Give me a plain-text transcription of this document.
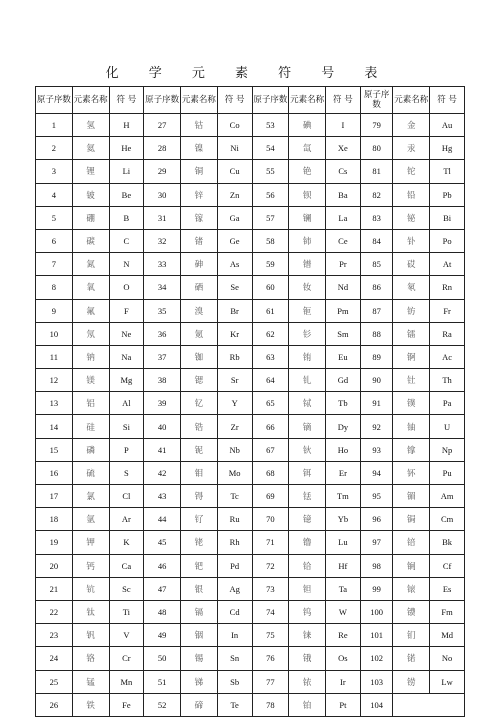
化 学 元 素 符 号 表
原子序数	元素名称	符 号	原子序数	元素名称	符 号	原子序数	元素名称	符 号	原子序数	元素名称	符 号
1	氢	H	27	钴	Co	53	碘	I	79	金	Au
2	氦	He	28	镍	Ni	54	氙	Xe	80	汞	Hg
3	锂	Li	29	铜	Cu	55	铯	Cs	81	铊	Tl
4	铍	Be	30	锌	Zn	56	钡	Ba	82	铅	Pb
5	硼	B	31	镓	Ga	57	镧	La	83	铋	Bi
6	碳	C	32	锗	Ge	58	铈	Ce	84	钋	Po
7	氮	N	33	砷	As	59	镨	Pr	85	砹	At
8	氧	O	34	硒	Se	60	钕	Nd	86	氡	Rn
9	氟	F	35	溴	Br	61	钷	Pm	87	钫	Fr
10	氖	Ne	36	氪	Kr	62	钐	Sm	88	镭	Ra
11	钠	Na	37	铷	Rb	63	铕	Eu	89	锕	Ac
12	镁	Mg	38	锶	Sr	64	钆	Gd	90	钍	Th
13	铝	Al	39	钇	Y	65	铽	Tb	91	镤	Pa
14	硅	Si	40	锆	Zr	66	镝	Dy	92	铀	U
15	磷	P	41	铌	Nb	67	钬	Ho	93	镎	Np
16	硫	S	42	钼	Mo	68	铒	Er	94	钚	Pu
17	氯	Cl	43	锝	Tc	69	铥	Tm	95	镅	Am
18	氩	Ar	44	钌	Ru	70	镱	Yb	96	锔	Cm
19	钾	K	45	铑	Rh	71	镥	Lu	97	锫	Bk
20	钙	Ca	46	钯	Pd	72	铪	Hf	98	锎	Cf
21	钪	Sc	47	银	Ag	73	钽	Ta	99	锿	Es
22	钛	Ti	48	镉	Cd	74	钨	W	100	镄	Fm
23	钒	V	49	铟	In	75	铼	Re	101	钔	Md
24	铬	Cr	50	锡	Sn	76	锇	Os	102	锘	No
25	锰	Mn	51	锑	Sb	77	铱	Ir	103	铹	Lw
26	铁	Fe	52	碲	Te	78	铂	Pt	104		
